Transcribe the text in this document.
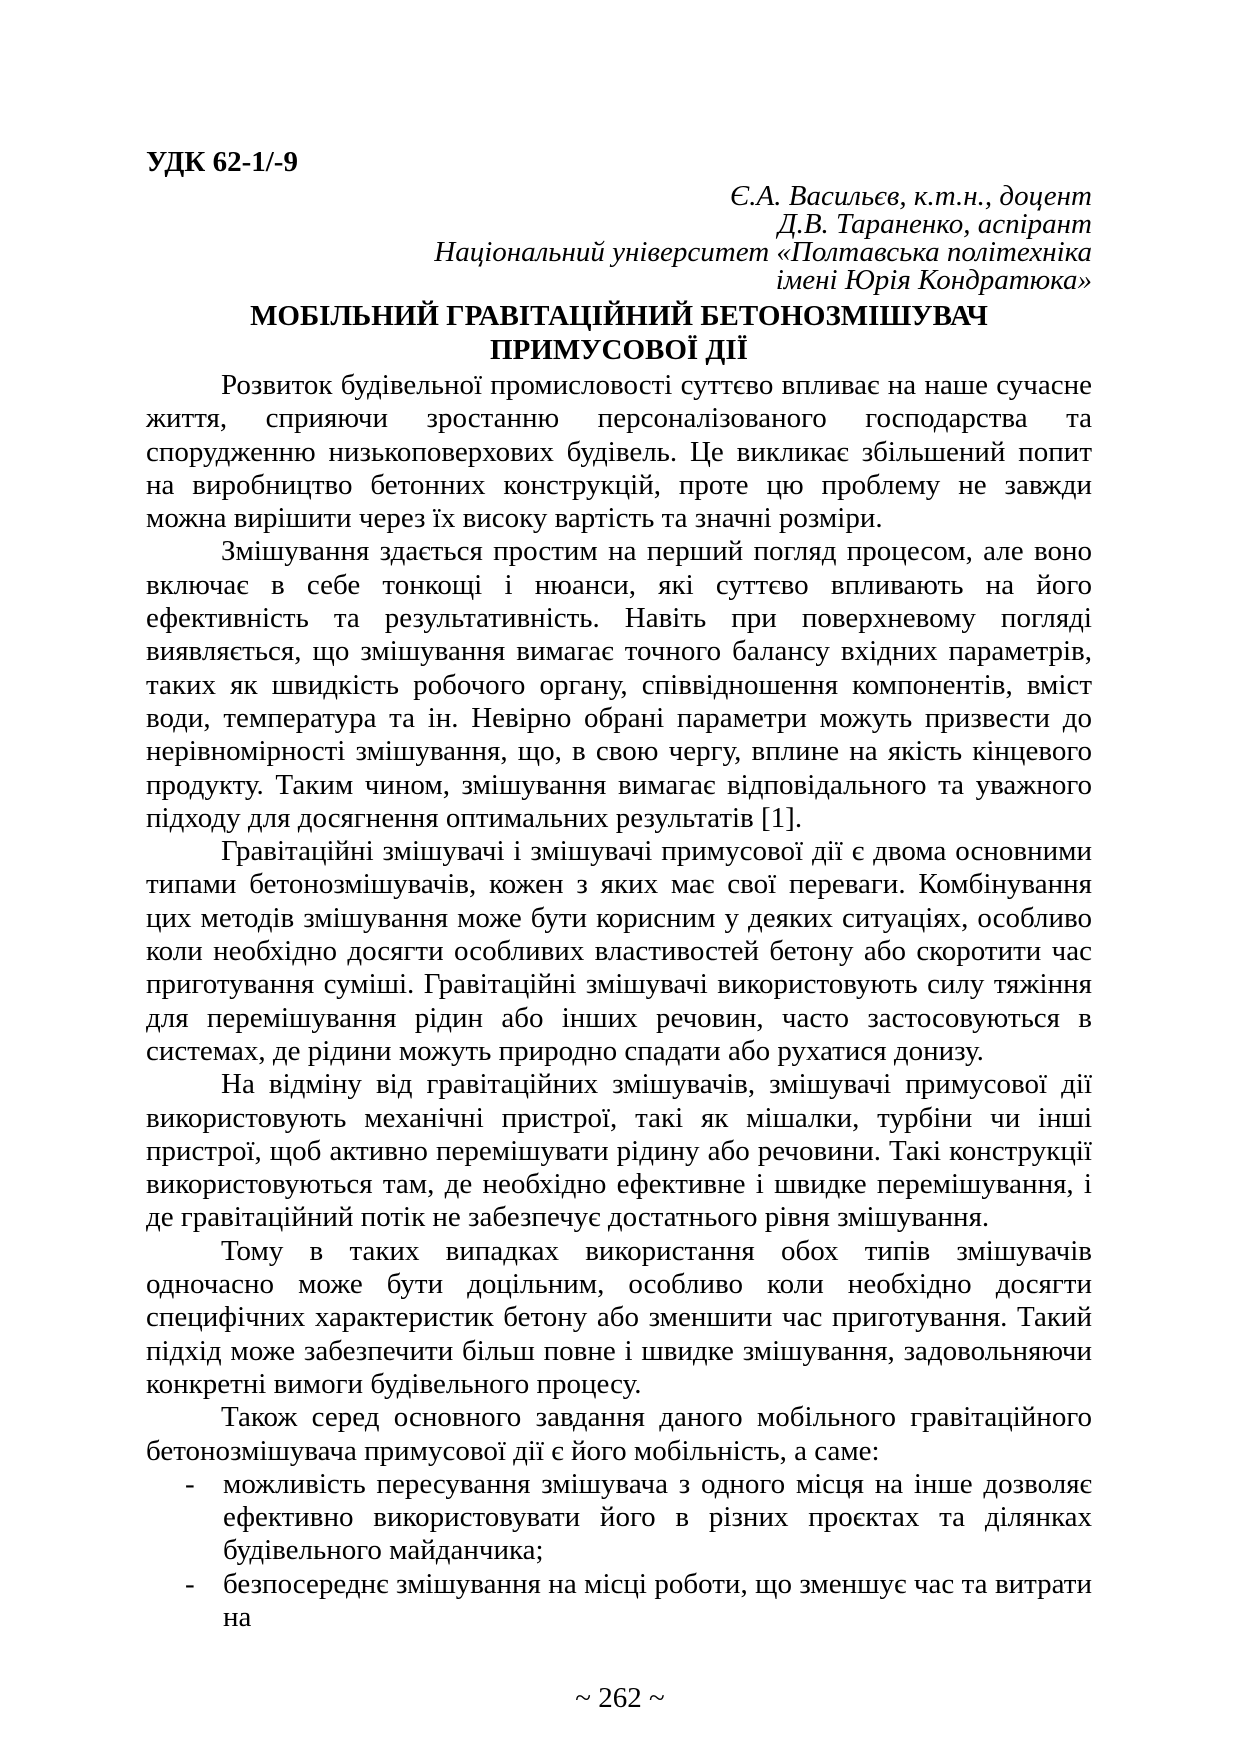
УДК 62-1/-9
Є.А. Васильєв, к.т.н., доцент
Д.В. Тараненко, аспірант
Національний університет «Полтавська політехніка
імені Юрія Кондратюка»
МОБІЛЬНИЙ ГРАВІТАЦІЙНИЙ БЕТОНОЗМІШУВАЧ ПРИМУСОВОЇ ДІЇ

Розвиток будівельної промисловості суттєво впливає на наше сучасне життя, сприяючи зростанню персоналізованого господарства та спорудженню низькоповерхових будівель. Це викликає збільшений попит на виробництво бетонних конструкцій, проте цю проблему не завжди можна вирішити через їх високу вартість та значні розміри.

Змішування здається простим на перший погляд процесом, але воно включає в себе тонкощі і нюанси, які суттєво впливають на його ефективність та результативність. Навіть при поверхневому погляді виявляється, що змішування вимагає точного балансу вхідних параметрів, таких як швидкість робочого органу, співвідношення компонентів, вміст води, температура та ін. Невірно обрані параметри можуть призвести до нерівномірності змішування, що, в свою чергу, вплине на якість кінцевого продукту. Таким чином, змішування вимагає відповідального та уважного підходу для досягнення оптимальних результатів [1].

Гравітаційні змішувачі і змішувачі примусової дії є двома основними типами бетонозмішувачів, кожен з яких має свої переваги. Комбінування цих методів змішування може бути корисним у деяких ситуаціях, особливо коли необхідно досягти особливих властивостей бетону або скоротити час приготування суміші. Гравітаційні змішувачі використовують силу тяжіння для перемішування рідин або інших речовин, часто застосовуються в системах, де рідини можуть природно спадати або рухатися донизу.

На відміну від гравітаційних змішувачів, змішувачі примусової дії використовують механічні пристрої, такі як мішалки, турбіни чи інші пристрої, щоб активно перемішувати рідину або речовини. Такі конструкції використовуються там, де необхідно ефективне і швидке перемішування, і де гравітаційний потік не забезпечує достатнього рівня змішування.

Тому в таких випадках використання обох типів змішувачів одночасно може бути доцільним, особливо коли необхідно досягти специфічних характеристик бетону або зменшити час приготування. Такий підхід може забезпечити більш повне і швидке змішування, задовольняючи конкретні вимоги будівельного процесу.

Також серед основного завдання даного мобільного гравітаційного бетонозмішувача примусової дії є його мобільність, а саме:

- можливість пересування змішувача з одного місця на інше дозволяє ефективно використовувати його в різних проєктах та ділянках будівельного майданчика;
- безпосереднє змішування на місці роботи, що зменшує час та витрати на
~ 262 ~
